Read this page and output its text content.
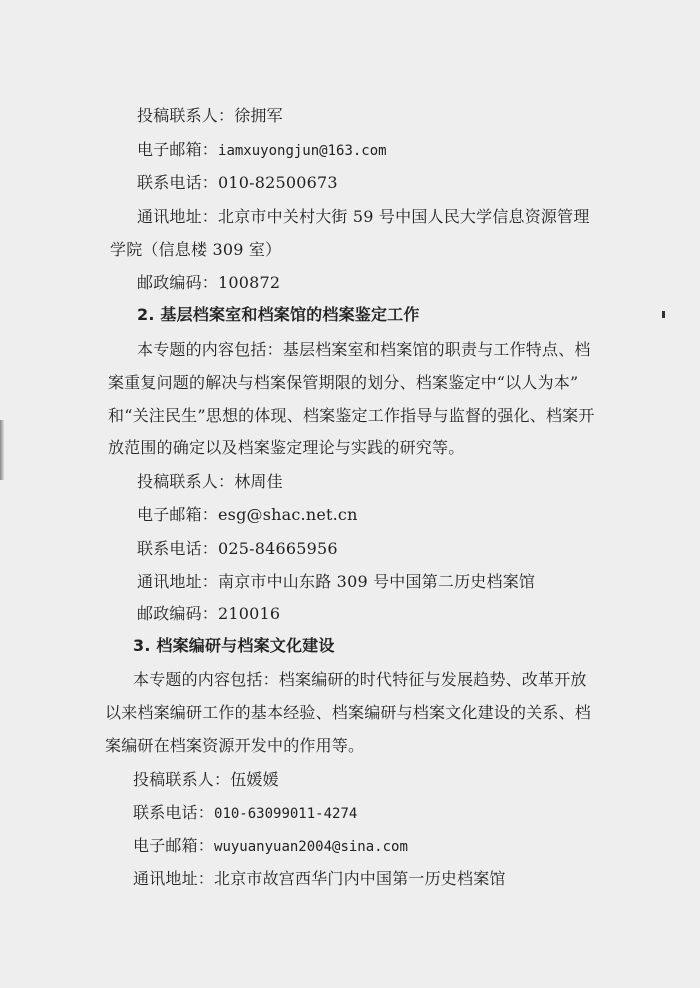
投稿联系人：徐拥军
电子邮箱：iamxuyongjun@163.com
联系电话：010-82500673
通讯地址：北京市中关村大街 59 号中国人民大学信息资源管理
学院（信息楼 309 室）
邮政编码：100872
2. 基层档案室和档案馆的档案鉴定工作
本专题的内容包括：基层档案室和档案馆的职责与工作特点、档
案重复问题的解决与档案保管期限的划分、档案鉴定中“以人为本”
和“关注民生”思想的体现、档案鉴定工作指导与监督的强化、档案开
放范围的确定以及档案鉴定理论与实践的研究等。
投稿联系人：林周佳
电子邮箱：esg@shac.net.cn
联系电话：025-84665956
通讯地址：南京市中山东路 309 号中国第二历史档案馆
邮政编码：210016
3. 档案编研与档案文化建设
本专题的内容包括：档案编研的时代特征与发展趋势、改革开放
以来档案编研工作的基本经验、档案编研与档案文化建设的关系、档
案编研在档案资源开发中的作用等。
投稿联系人：伍媛媛
联系电话：010-63099011-4274
电子邮箱：wuyuanyuan2004@sina.com
通讯地址：北京市故宫西华门内中国第一历史档案馆
